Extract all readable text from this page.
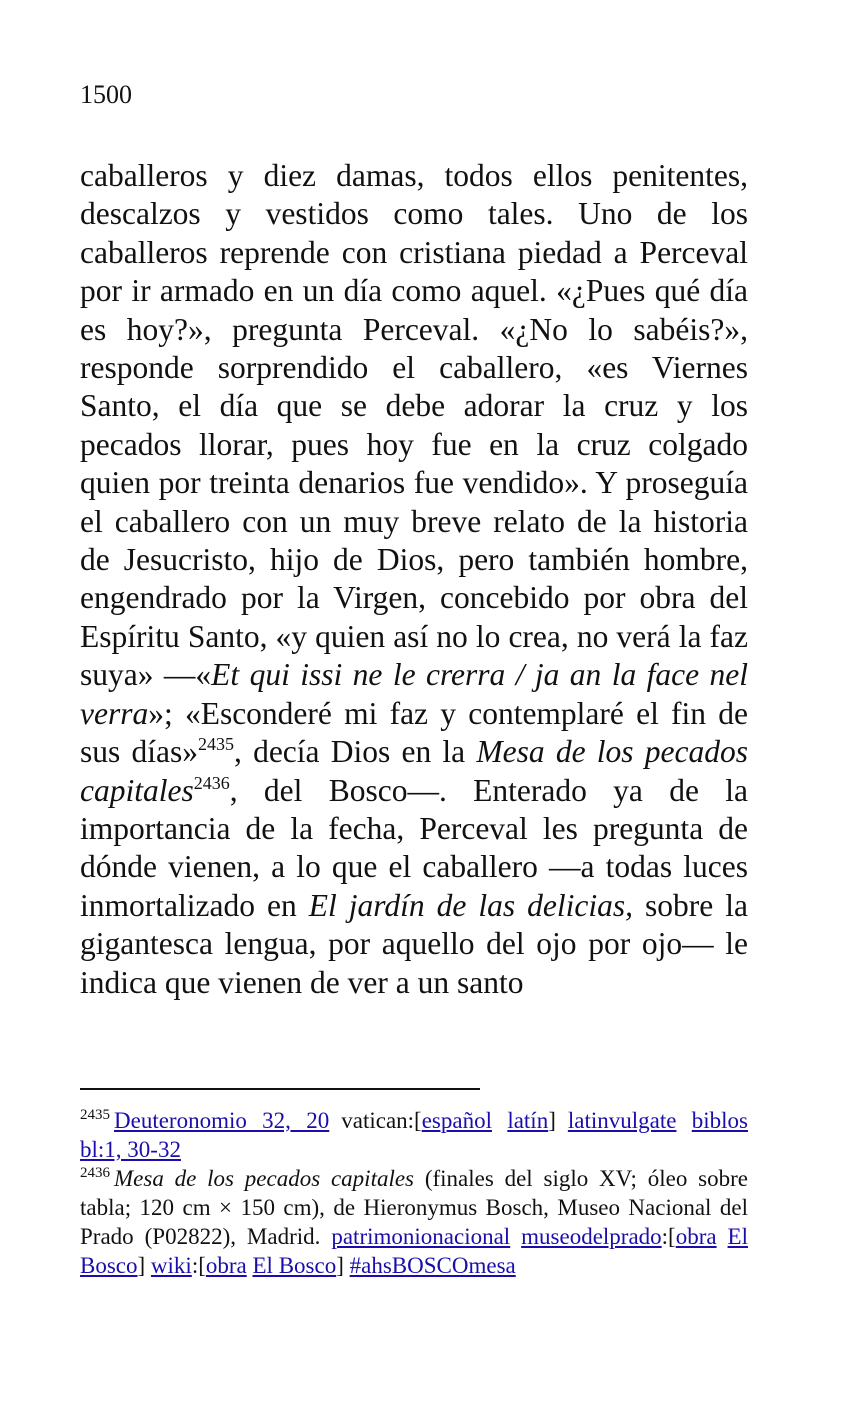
1500

caballeros y diez damas, todos ellos penitentes, descalzos y vestidos como tales. Uno de los caballeros reprende con cristiana piedad a Perceval por ir armado en un día como aquel. «¿Pues qué día es hoy?», pregunta Perceval. «¿No lo sabéis?», responde sorprendido el caballero, «es Viernes Santo, el día que se debe adorar la cruz y los pecados llorar, pues hoy fue en la cruz colgado quien por treinta denarios fue vendido». Y proseguía el caballero con un muy breve relato de la historia de Jesucristo, hijo de Dios, pero también hombre, engendrado por la Virgen, concebido por obra del Espíritu Santo, «y quien así no lo crea, no verá la faz suya» —«Et qui issi ne le crerra / ja an la face nel verra»; «Esconderé mi faz y contemplaré el fin de sus días»$^{2435}$, decía Dios en la Mesa de los pecados capitales$^{2436}$, del Bosco—. Enterado ya de la importancia de la fecha, Perceval les pregunta de dónde vienen, a lo que el caballero —a todas luces inmortalizado en El jardín de las delicias, sobre la gigantesca lengua, por aquello del ojo por ojo— le indica que vienen de ver a un santo

$^{2435}$ Deuteronomio 32, 20 vatican:[español latín] latinvulgate biblos bl:1, 30-32

$^{2436}$ Mesa de los pecados capitales (finales del siglo XV; óleo sobre tabla; 120 cm × 150 cm), de Hieronymus Bosch, Museo Nacional del Prado (P02822), Madrid. patrimonionacional museodelprado:[obra El Bosco] wiki:[obra El Bosco] #ahsBOSCOmesa
